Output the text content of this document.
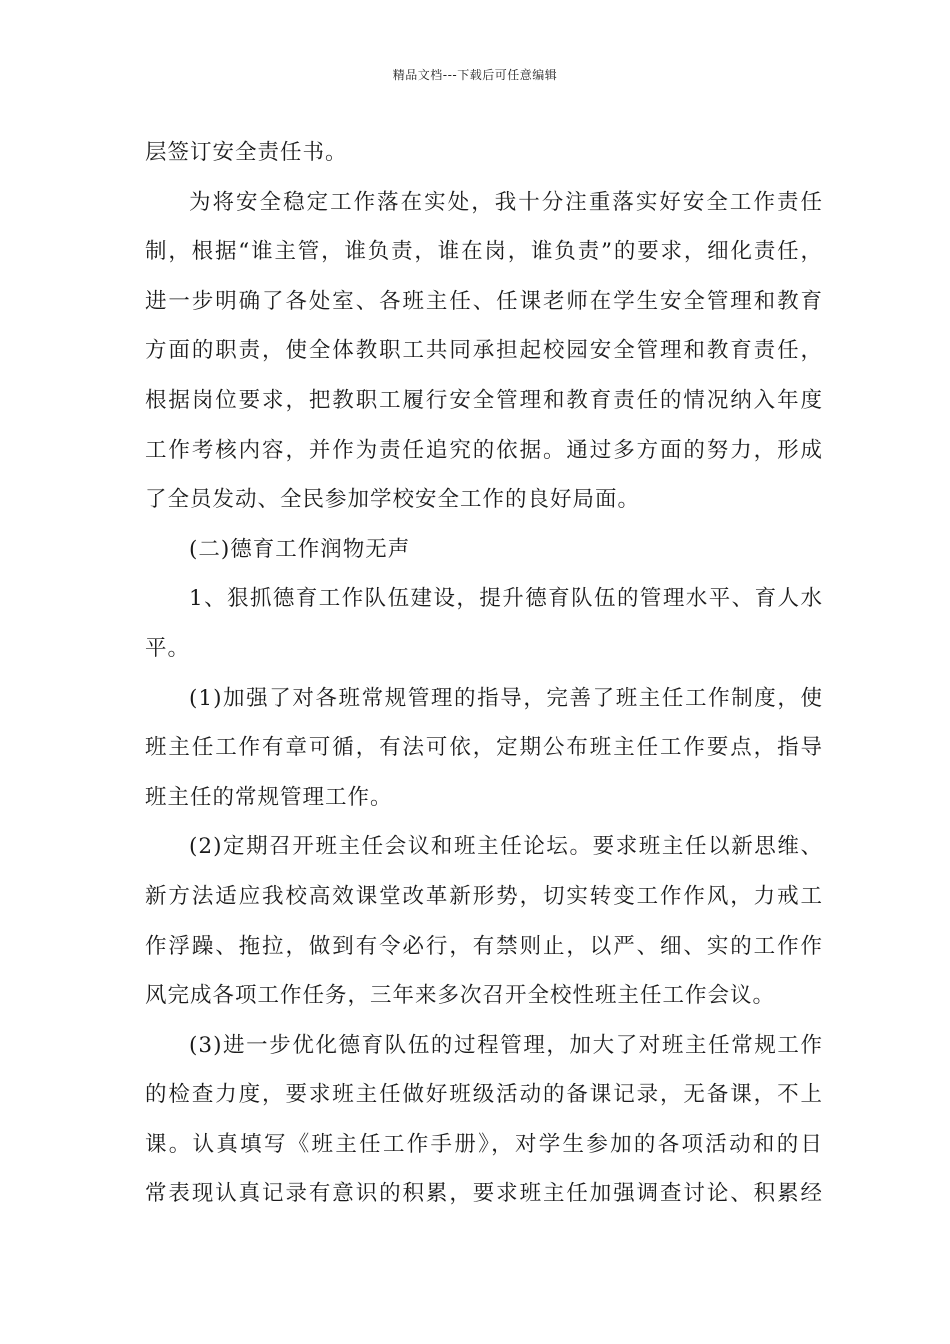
精品文档---下载后可任意编辑
层签订安全责任书。
为将安全稳定工作落在实处，我十分注重落实好安全工作责任
制，根据“谁主管，谁负责，谁在岗，谁负责”的要求，细化责任，
进一步明确了各处室、各班主任、任课老师在学生安全管理和教育
方面的职责，使全体教职工共同承担起校园安全管理和教育责任，
根据岗位要求，把教职工履行安全管理和教育责任的情况纳入年度
工作考核内容，并作为责任追究的依据。通过多方面的努力，形成
了全员发动、全民参加学校安全工作的良好局面。
(二)德育工作润物无声
1、狠抓德育工作队伍建设，提升德育队伍的管理水平、育人水
平。
(1)加强了对各班常规管理的指导，完善了班主任工作制度，使
班主任工作有章可循，有法可依，定期公布班主任工作要点，指导
班主任的常规管理工作。
(2)定期召开班主任会议和班主任论坛。要求班主任以新思维、
新方法适应我校高效课堂改革新形势，切实转变工作作风，力戒工
作浮躁、拖拉，做到有令必行，有禁则止，以严、细、实的工作作
风完成各项工作任务，三年来多次召开全校性班主任工作会议。
(3)进一步优化德育队伍的过程管理，加大了对班主任常规工作
的检查力度，要求班主任做好班级活动的备课记录，无备课，不上
课。认真填写《班主任工作手册》，对学生参加的各项活动和的日
常表现认真记录有意识的积累，要求班主任加强调查讨论、积累经
